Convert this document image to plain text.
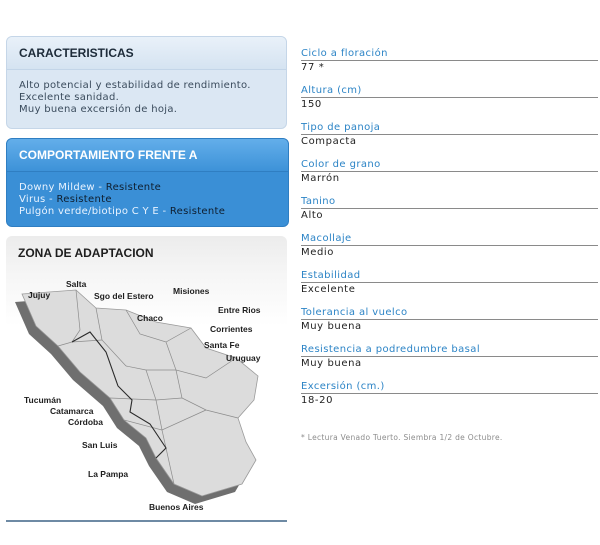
CARACTERISTICAS
Alto potencial y estabilidad de rendimiento.
Excelente sanidad.
Muy buena excersión de hoja.
COMPORTAMIENTO FRENTE A
Downy Mildew - Resistente
Virus - Resistente
Pulgón verde/biotipo C Y E - Resistente
ZONA DE ADAPTACION
Jujuy
Salta
Sgo del Estero Misiones
Chaco
Entre Rios
Corrientes
Santa Fe
Uruguay
Tucumán
Catamarca
Córdoba
San Luis
La Pampa
Buenos Aires
Ciclo a floración
77 *
Altura (cm)
150
Tipo de panoja
Compacta
Color de grano
Marrón
Tanino
Alto
Macollaje
Medio
Estabilidad
Excelente
Tolerancia al vuelco
Muy buena
Resistencia a podredumbre basal
Muy buena
Excersión (cm.)
18-20
* Lectura Venado Tuerto. Siembra 1/2 de Octubre.
